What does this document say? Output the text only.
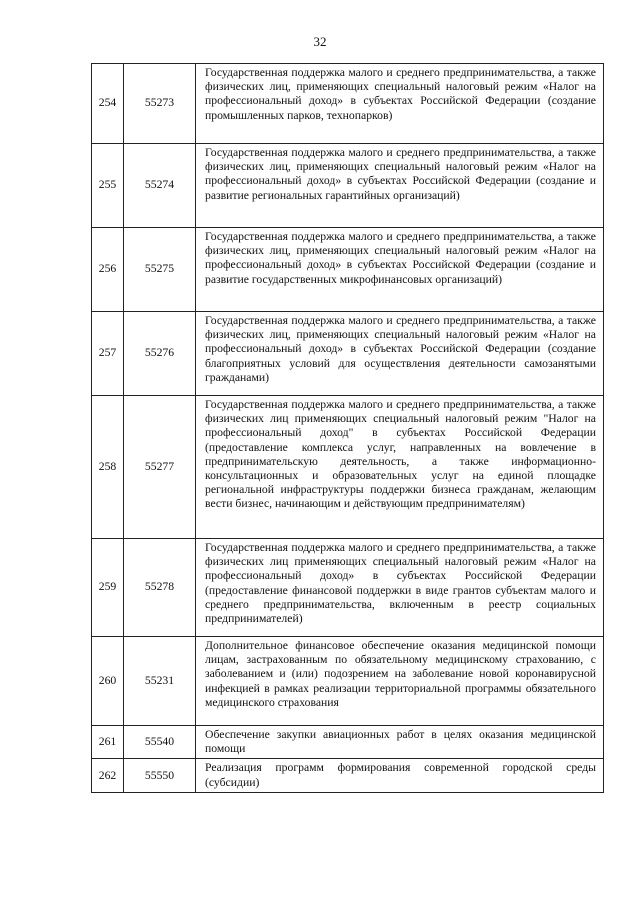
32
254	55273	Государственная поддержка малого и среднего предпринимательства, а также физических лиц, применяющих специальный налоговый режим «Налог на профессиональный доход» в субъектах Российской Федерации (создание промышленных парков, технопарков)

255	55274	Государственная поддержка малого и среднего предпринимательства, а также физических лиц, применяющих специальный налоговый режим «Налог на профессиональный доход» в субъектах Российской Федерации (создание и развитие региональных гарантийных организаций)

256	55275	Государственная поддержка малого и среднего предпринимательства, а также физических лиц, применяющих специальный налоговый режим «Налог на профессиональный доход» в субъектах Российской Федерации (создание и развитие государственных микрофинансовых организаций)

257	55276	Государственная поддержка малого и среднего предпринимательства, а также физических лиц, применяющих специальный налоговый режим «Налог на профессиональный доход» в субъектах Российской Федерации (создание благоприятных условий для осуществления деятельности самозанятыми гражданами)

258	55277	Государственная поддержка малого и среднего предпринимательства, а также физических лиц применяющих специальный налоговый режим "Налог на профессиональный доход" в субъектах Российской Федерации (предоставление комплекса услуг, направленных на вовлечение в предпринимательскую деятельность, а также информационно-консультационных и образовательных услуг на единой площадке региональной инфраструктуры поддержки бизнеса гражданам, желающим вести бизнес, начинающим и действующим предпринимателям)

259	55278	Государственная поддержка малого и среднего предпринимательства, а также физических лиц применяющих специальный налоговый режим «Налог на профессиональный доход» в субъектах Российской Федерации (предоставление финансовой поддержки в виде грантов субъектам малого и среднего предпринимательства, включенным в реестр социальных предпринимателей)

260	55231	Дополнительное финансовое обеспечение оказания медицинской помощи лицам, застрахованным по обязательному медицинскому страхованию, с заболеванием и (или) подозрением на заболевание новой коронавирусной инфекцией в рамках реализации территориальной программы обязательного медицинского страхования

261	55540	Обеспечение закупки авиационных работ в целях оказания медицинской помощи

262	55550	Реализация программ формирования современной городской среды (субсидии)
